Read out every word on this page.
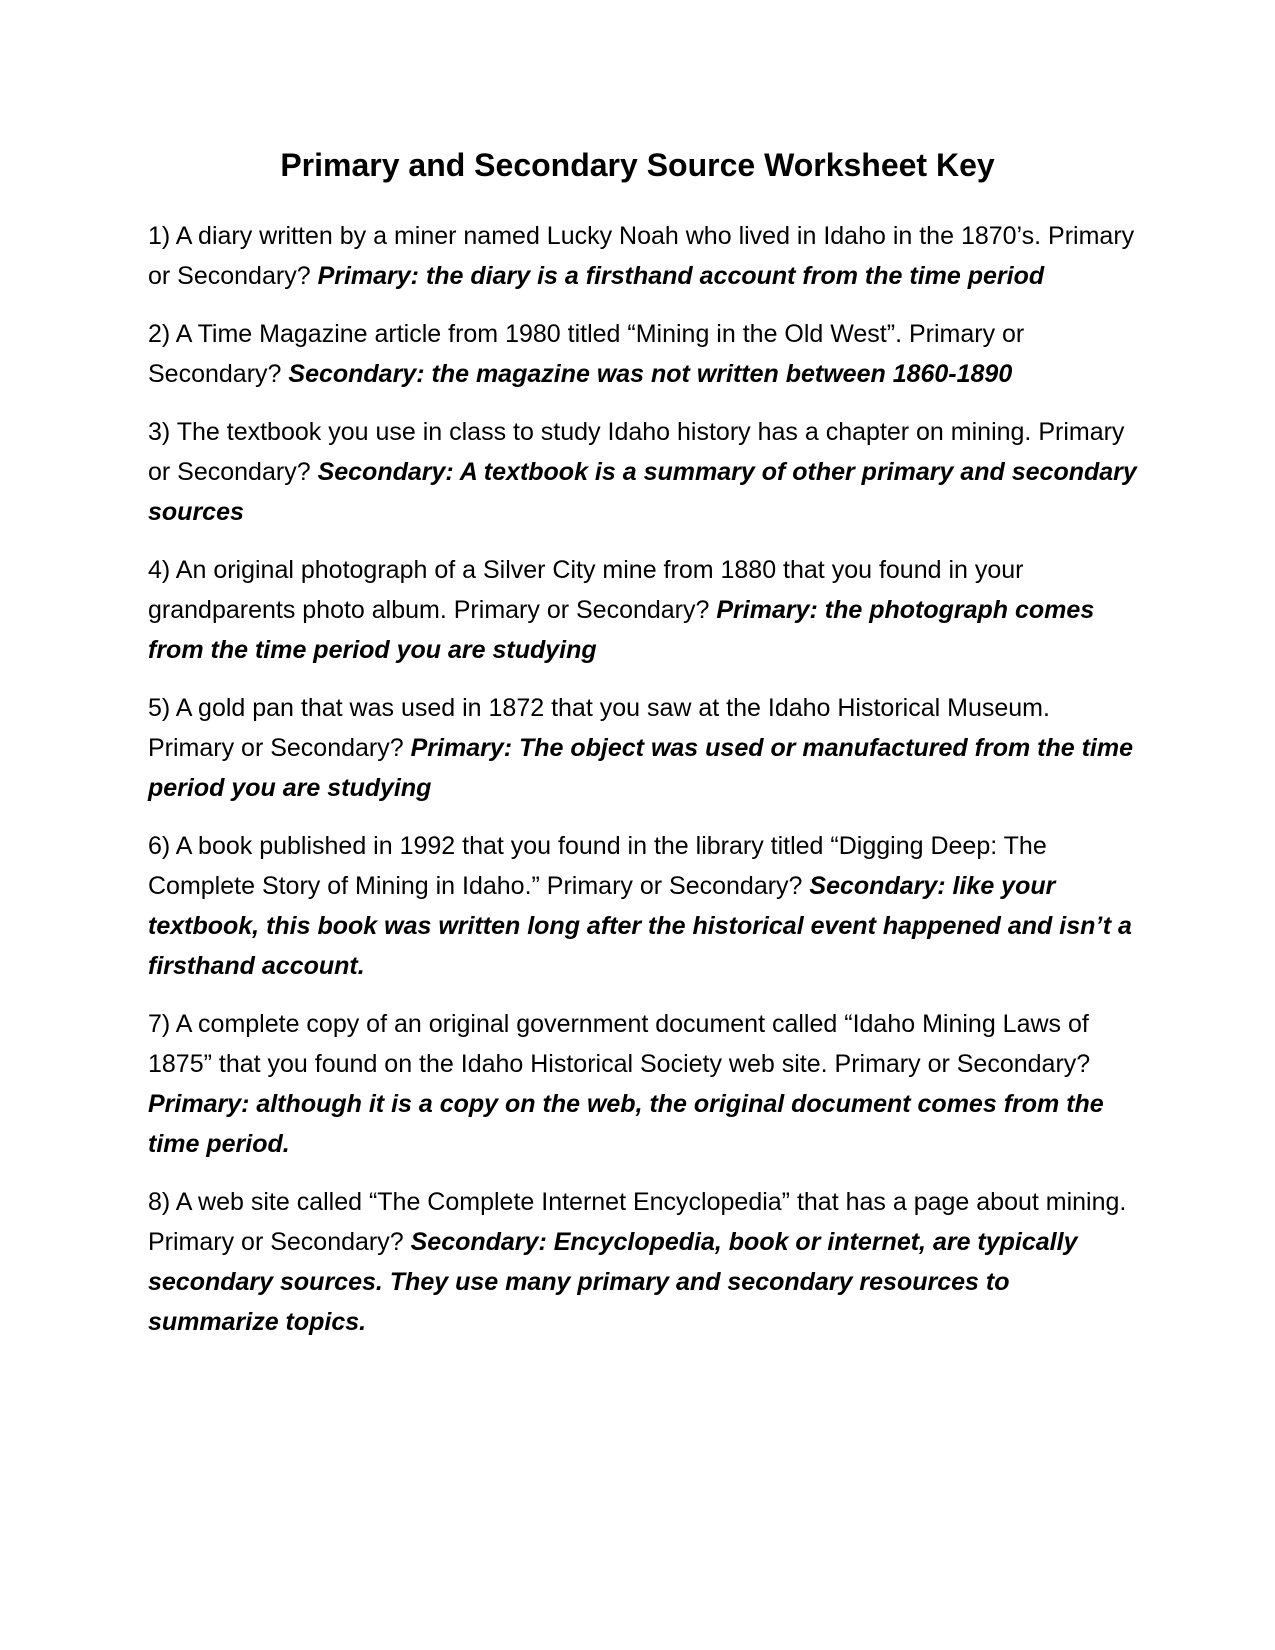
Primary and Secondary Source Worksheet Key

1) A diary written by a miner named Lucky Noah who lived in Idaho in the 1870’s. Primary or Secondary? Primary: the diary is a firsthand account from the time period

2) A Time Magazine article from 1980 titled “Mining in the Old West”. Primary or Secondary? Secondary: the magazine was not written between 1860-1890

3) The textbook you use in class to study Idaho history has a chapter on mining. Primary or Secondary? Secondary: A textbook is a summary of other primary and secondary sources

4) An original photograph of a Silver City mine from 1880 that you found in your grandparents photo album. Primary or Secondary? Primary: the photograph comes from the time period you are studying

5) A gold pan that was used in 1872 that you saw at the Idaho Historical Museum. Primary or Secondary? Primary: The object was used or manufactured from the time period you are studying

6) A book published in 1992 that you found in the library titled “Digging Deep: The Complete Story of Mining in Idaho.” Primary or Secondary? Secondary: like your textbook, this book was written long after the historical event happened and isn’t a firsthand account.

7) A complete copy of an original government document called “Idaho Mining Laws of 1875” that you found on the Idaho Historical Society web site. Primary or Secondary? Primary: although it is a copy on the web, the original document comes from the time period.

8) A web site called “The Complete Internet Encyclopedia” that has a page about mining. Primary or Secondary? Secondary: Encyclopedia, book or internet, are typically secondary sources. They use many primary and secondary resources to summarize topics.
